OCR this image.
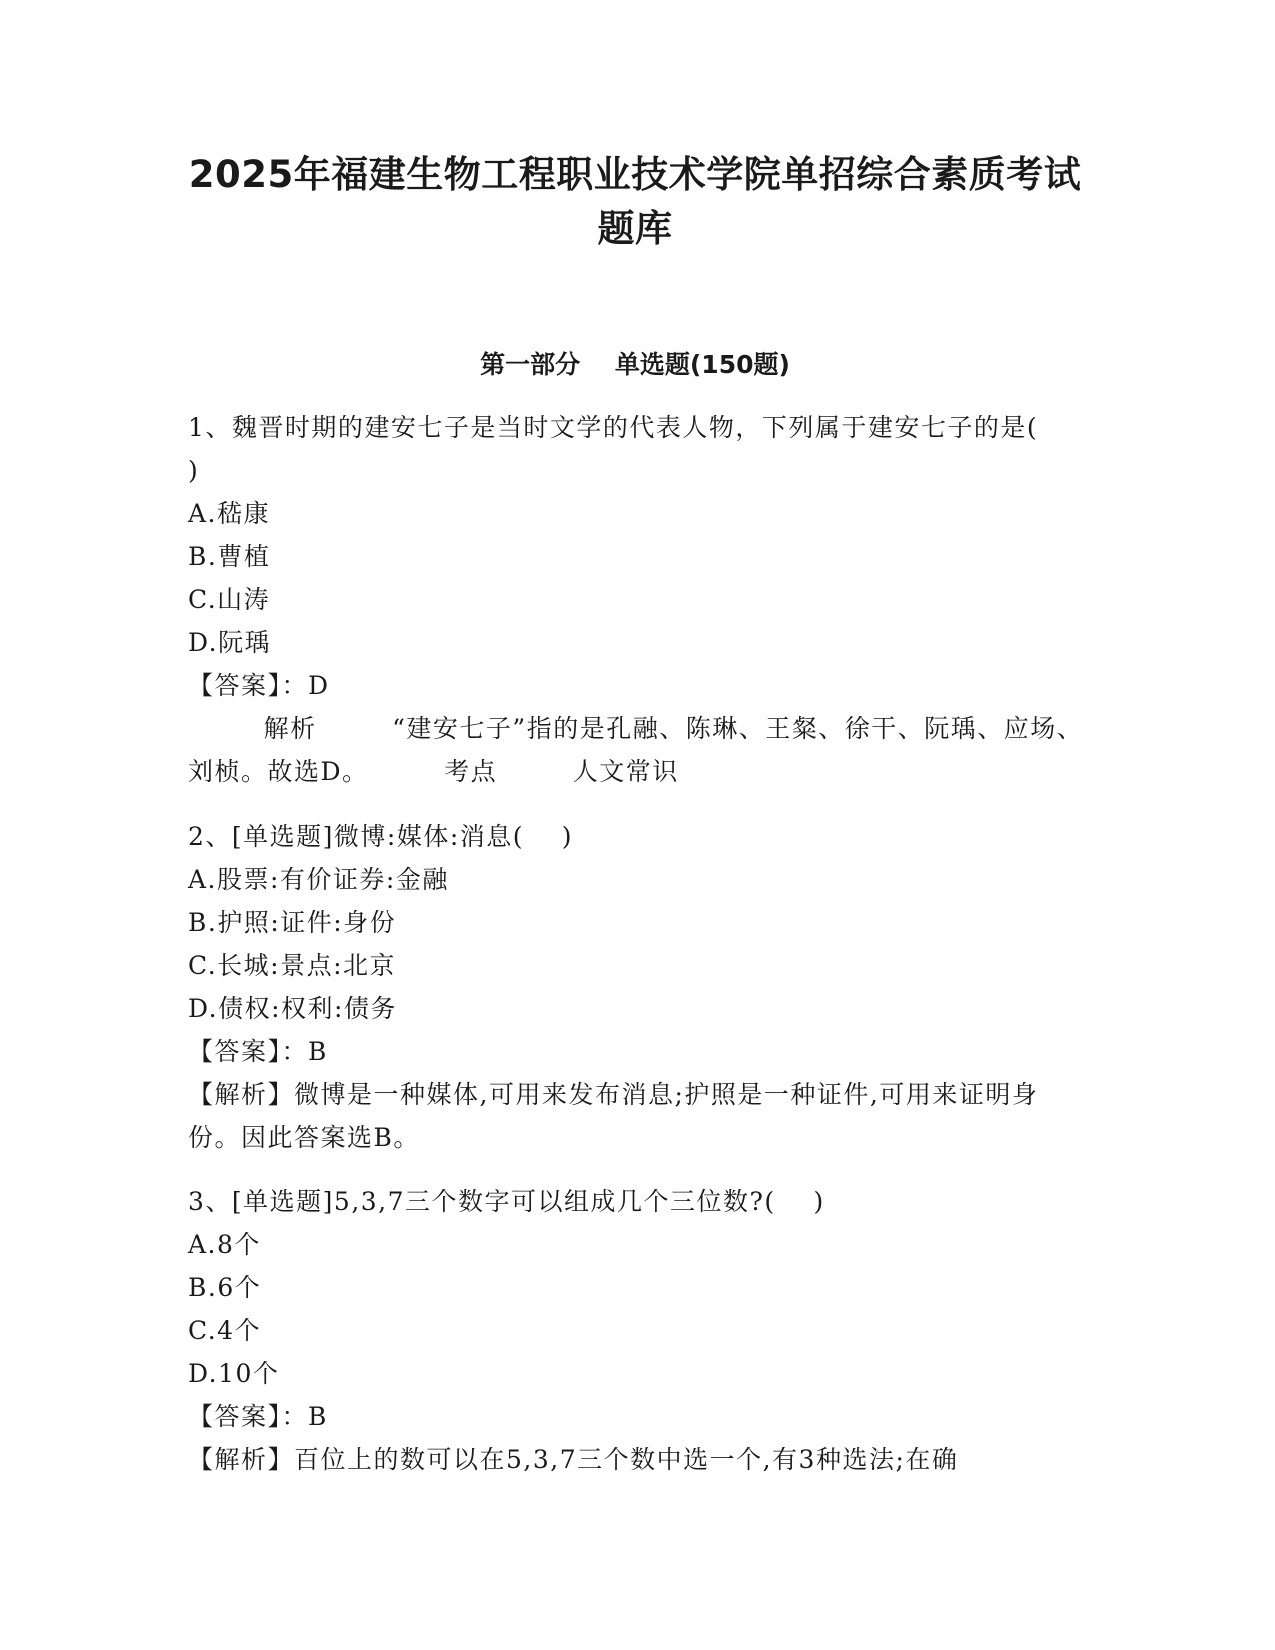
2025年福建生物工程职业技术学院单招综合素质考试题库
第一部分    单选题(150题)

1、魏晋时期的建安七子是当时文学的代表人物，下列属于建安七子的是(        )

A.嵇康

B.曹植

C.山涛

D.阮瑀

【答案】：D

解析        “建安七子”指的是孔融、陈琳、王粲、徐干、阮瑀、应场、刘桢。故选D。        考点        人文常识

2、[单选题]微博:媒体:消息(    )

A.股票:有价证券:金融

B.护照:证件:身份

C.长城:景点:北京

D.债权:权利:债务

【答案】：B

【解析】微博是一种媒体,可用来发布消息;护照是一种证件,可用来证明身份。因此答案选B。

3、[单选题]5,3,7三个数字可以组成几个三位数?(    )

A.8个

B.6个

C.4个

D.10个

【答案】：B

【解析】百位上的数可以在5,3,7三个数中选一个,有3种选法;在确
